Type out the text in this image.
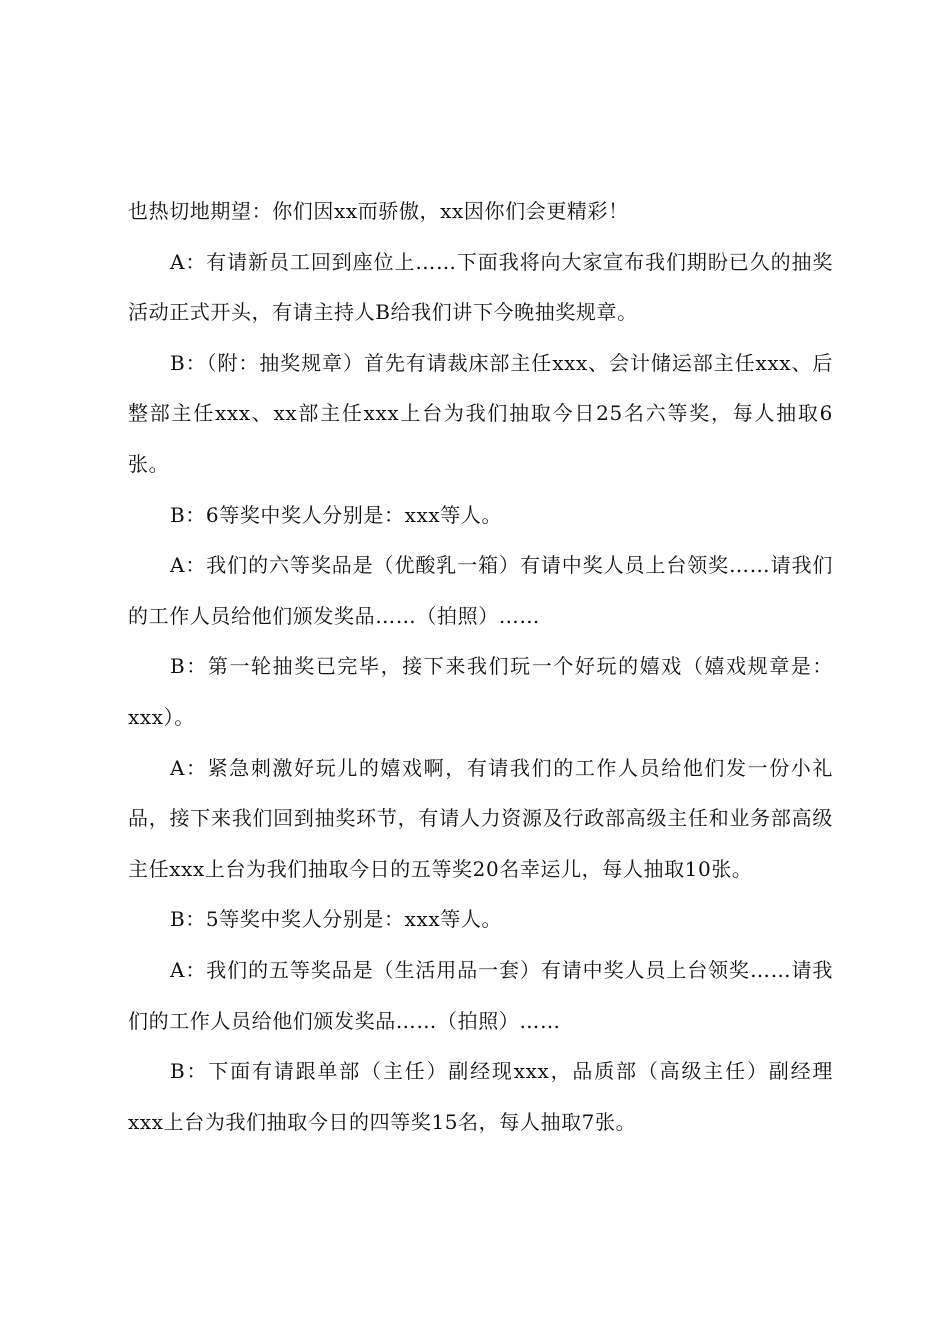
也热切地期望：你们因xx而骄傲，xx因你们会更精彩！

A：有请新员工回到座位上……下面我将向大家宣布我们期盼已久的抽奖活动正式开头，有请主持人B给我们讲下今晚抽奖规章。

B：（附：抽奖规章）首先有请裁床部主任xxx、会计储运部主任xxx、后整部主任xxx、xx部主任xxx上台为我们抽取今日25名六等奖，每人抽取6张。

B：6等奖中奖人分别是：xxx等人。

A：我们的六等奖品是（优酸乳一箱）有请中奖人员上台领奖……请我们的工作人员给他们颁发奖品……（拍照）……

B：第一轮抽奖已完毕，接下来我们玩一个好玩的嬉戏（嬉戏规章是：xxx）。

A：紧急刺激好玩儿的嬉戏啊，有请我们的工作人员给他们发一份小礼品，接下来我们回到抽奖环节，有请人力资源及行政部高级主任和业务部高级主任xxx上台为我们抽取今日的五等奖20名幸运儿，每人抽取10张。

B：5等奖中奖人分别是：xxx等人。

A：我们的五等奖品是（生活用品一套）有请中奖人员上台领奖……请我们的工作人员给他们颁发奖品……（拍照）……

B：下面有请跟单部（主任）副经现xxx，品质部（高级主任）副经理xxx上台为我们抽取今日的四等奖15名，每人抽取7张。
